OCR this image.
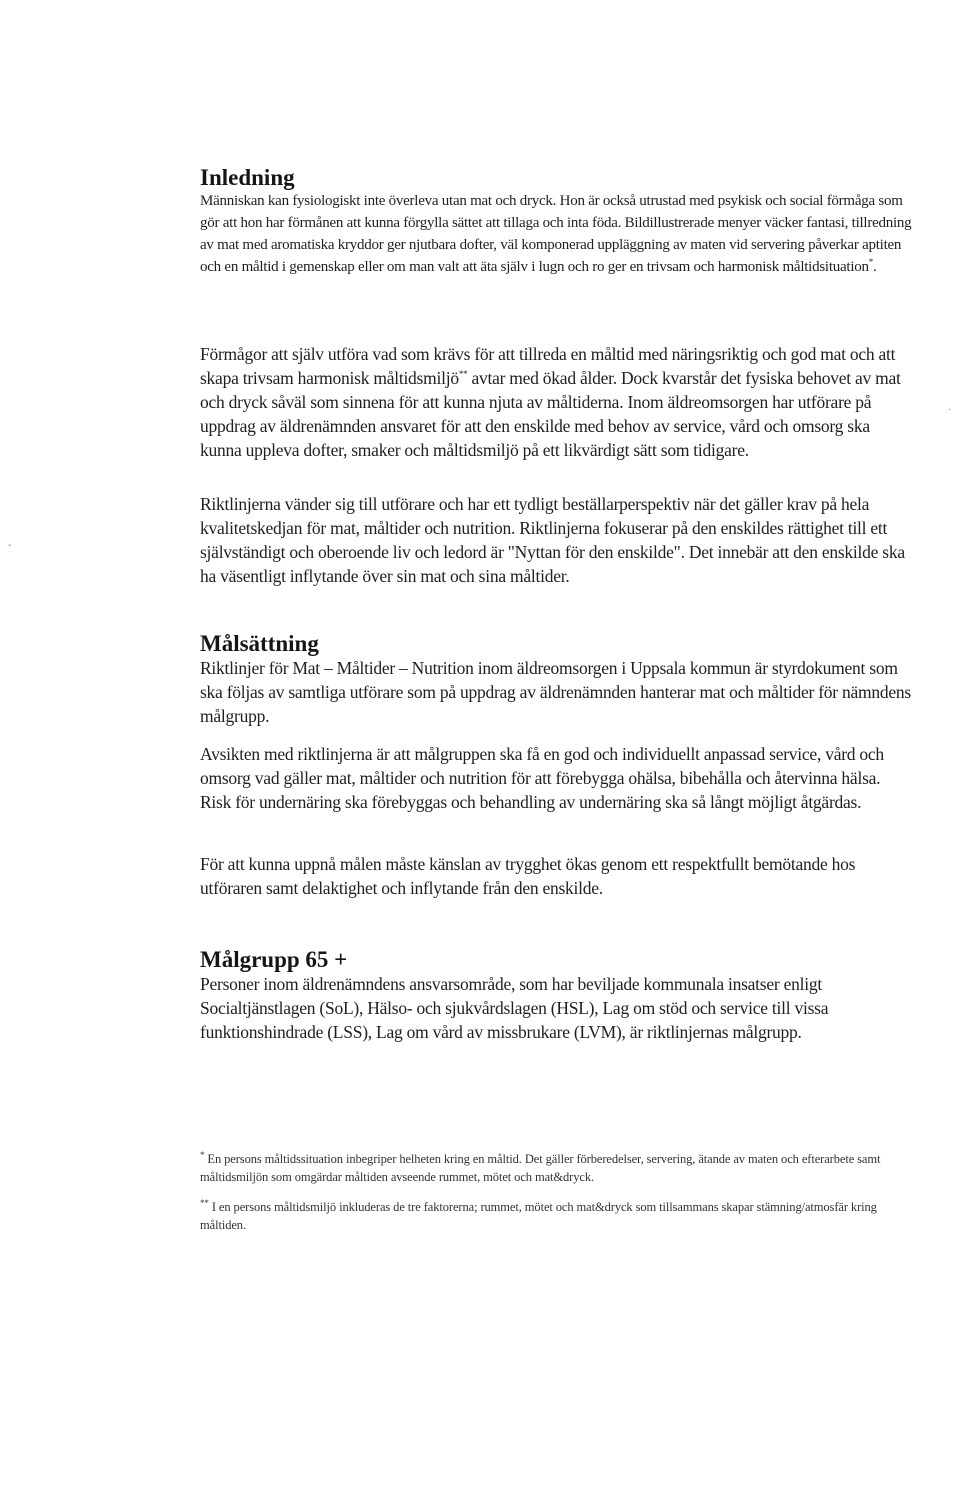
-
·
Inledning

Människan kan fysiologiskt inte överleva utan mat och dryck. Hon är också utrustad med psykisk och social förmåga som gör att hon har förmånen att kunna förgylla sättet att tillaga och inta föda. Bildillustrerade menyer väcker fantasi, tillredning av mat med aromatiska kryddor ger njutbara dofter, väl komponerad uppläggning av maten vid servering påverkar aptiten och en måltid i gemenskap eller om man valt att äta själv i lugn och ro ger en trivsam och harmonisk måltidsituation*.

Förmågor att själv utföra vad som krävs för att tillreda en måltid med näringsriktig och god mat och att skapa trivsam harmonisk måltidsmiljö** avtar med ökad ålder. Dock kvarstår det fysiska behovet av mat och dryck såväl som sinnena för att kunna njuta av måltiderna. Inom äldreomsorgen har utförare på uppdrag av äldrenämnden ansvaret för att den enskilde med behov av service, vård och omsorg ska kunna uppleva dofter, smaker och måltidsmiljö på ett likvärdigt sätt som tidigare.

Riktlinjerna vänder sig till utförare och har ett tydligt beställarperspektiv när det gäller krav på hela kvalitetskedjan för mat, måltider och nutrition. Riktlinjerna fokuserar på den enskildes rättighet till ett självständigt och oberoende liv och ledord är "Nyttan för den enskilde". Det innebär att den enskilde ska ha väsentligt inflytande över sin mat och sina måltider.

Målsättning

Riktlinjer för Mat – Måltider – Nutrition inom äldreomsorgen i Uppsala kommun är styrdokument som ska följas av samtliga utförare som på uppdrag av äldrenämnden hanterar mat och måltider för nämndens målgrupp.

Avsikten med riktlinjerna är att målgruppen ska få en god och individuellt anpassad service, vård och omsorg vad gäller mat, måltider och nutrition för att förebygga ohälsa, bibehålla och återvinna hälsa. Risk för undernäring ska förebyggas och behandling av undernäring ska så långt möjligt åtgärdas.

För att kunna uppnå målen måste känslan av trygghet ökas genom ett respektfullt bemötande hos utföraren samt delaktighet och inflytande från den enskilde.

Målgrupp 65 +

Personer inom äldrenämndens ansvarsområde, som har beviljade kommunala insatser enligt Socialtjänstlagen (SoL), Hälso- och sjukvårdslagen (HSL), Lag om stöd och service till vissa funktionshindrade (LSS), Lag om vård av missbrukare (LVM), är riktlinjernas målgrupp.

* En persons måltidssituation inbegriper helheten kring en måltid. Det gäller förberedelser, servering, ätande av maten och efterarbete samt måltidsmiljön som omgärdar måltiden avseende rummet, mötet och mat&dryck.
** I en persons måltidsmiljö inkluderas de tre faktorerna; rummet, mötet och mat&dryck som tillsammans skapar stämning/atmosfär kring måltiden.
